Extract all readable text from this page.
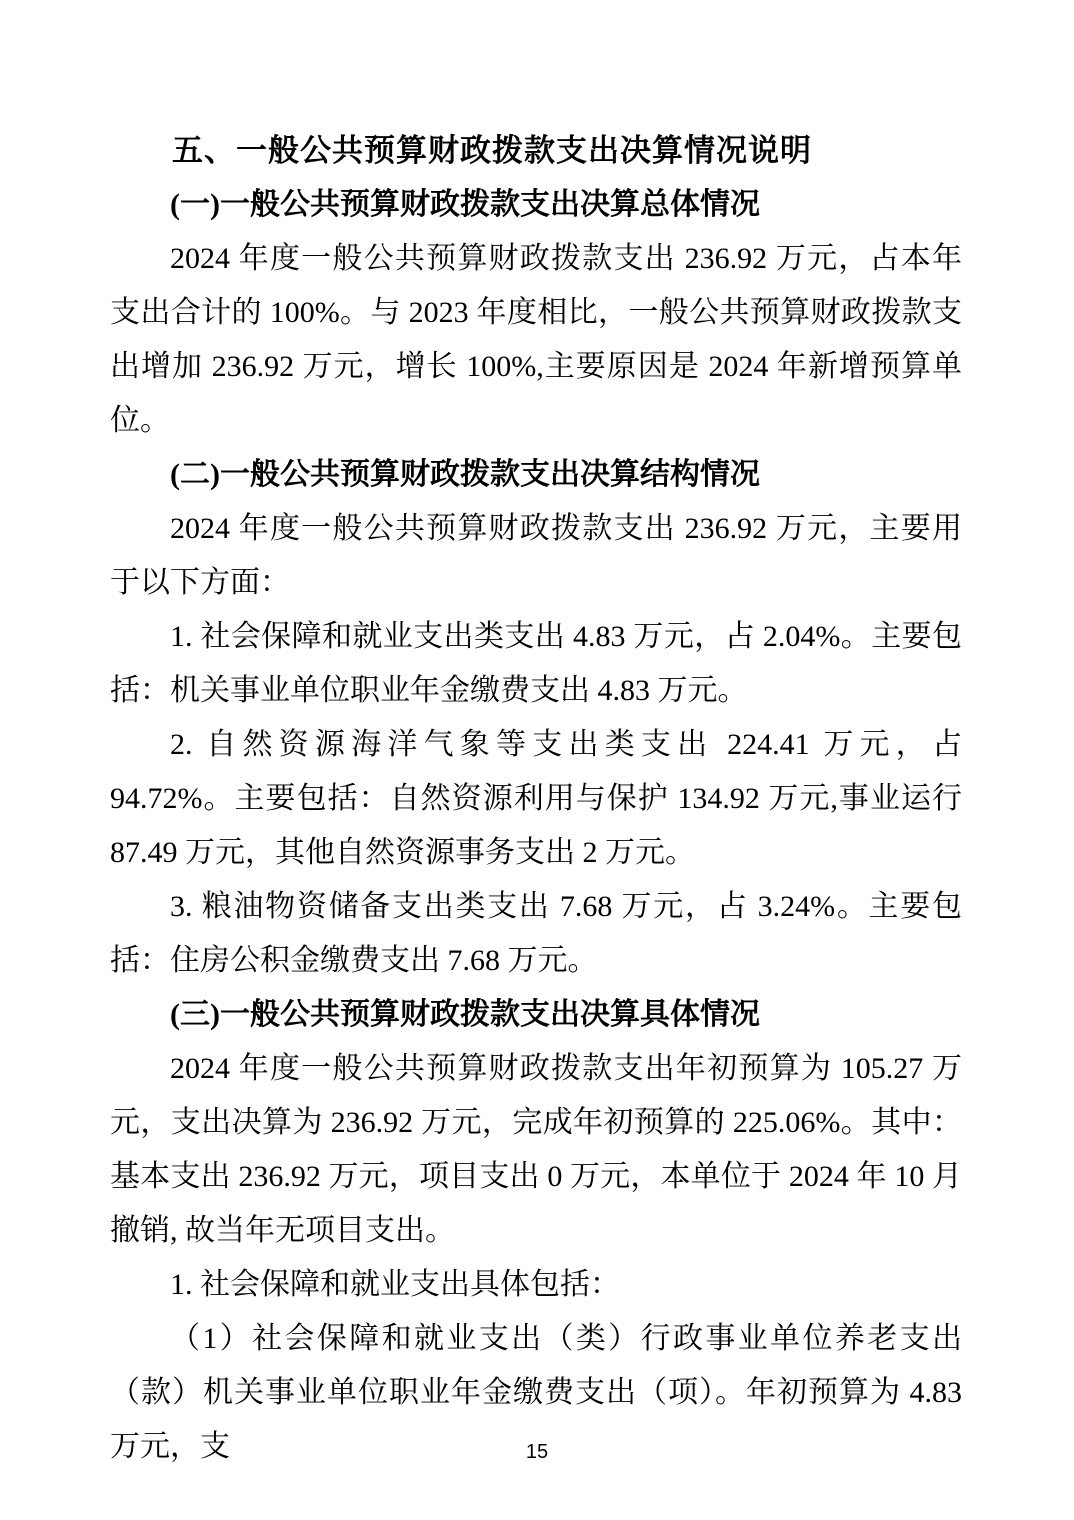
五、一般公共预算财政拨款支出决算情况说明
(一)一般公共预算财政拨款支出决算总体情况

2024 年度一般公共预算财政拨款支出 236.92 万元，占本年支出合计的 100%。与 2023 年度相比，一般公共预算财政拨款支出增加 236.92 万元，增长 100%,主要原因是 2024 年新增预算单位。

(二)一般公共预算财政拨款支出决算结构情况

2024 年度一般公共预算财政拨款支出 236.92 万元，主要用于以下方面：

1. 社会保障和就业支出类支出 4.83 万元，占 2.04%。主要包括：机关事业单位职业年金缴费支出 4.83 万元。

2. 自然资源海洋气象等支出类支出 224.41 万元，占 94.72%。主要包括：自然资源利用与保护 134.92 万元,事业运行 87.49 万元，其他自然资源事务支出 2 万元。

3. 粮油物资储备支出类支出 7.68 万元，占 3.24%。主要包括：住房公积金缴费支出 7.68 万元。

(三)一般公共预算财政拨款支出决算具体情况

2024 年度一般公共预算财政拨款支出年初预算为 105.27 万元，支出决算为 236.92 万元，完成年初预算的 225.06%。其中：基本支出 236.92 万元，项目支出 0 万元，本单位于 2024 年 10 月撤销, 故当年无项目支出。

1. 社会保障和就业支出具体包括：

（1）社会保障和就业支出（类）行政事业单位养老支出（款）机关事业单位职业年金缴费支出（项）。年初预算为 4.83万元，支	15
